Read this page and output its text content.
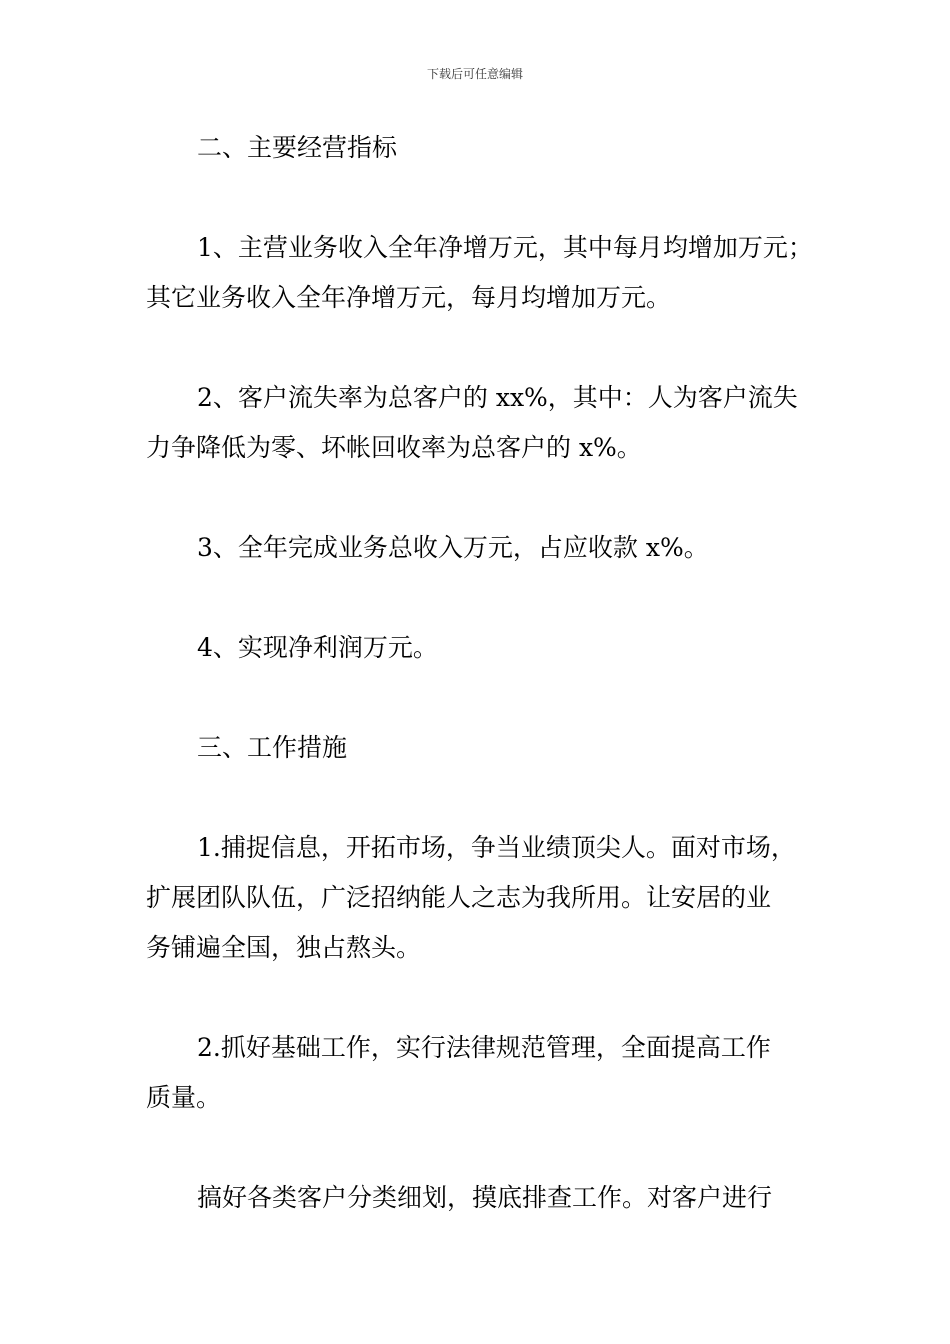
下载后可任意编辑
二、主要经营指标
1、主营业务收入全年净增万元，其中每月均增加万元；
其它业务收入全年净增万元，每月均增加万元。
2、客户流失率为总客户的 xx%，其中：人为客户流失
力争降低为零、坏帐回收率为总客户的 x%。
3、全年完成业务总收入万元，占应收款 x%。
4、实现净利润万元。
三、工作措施
1.捕捉信息，开拓市场，争当业绩顶尖人。面对市场，
扩展团队队伍，广泛招纳能人之志为我所用。让安居的业
务铺遍全国，独占熬头。
2.抓好基础工作，实行法律规范管理，全面提高工作
质量。
搞好各类客户分类细划，摸底排查工作。对客户进行
